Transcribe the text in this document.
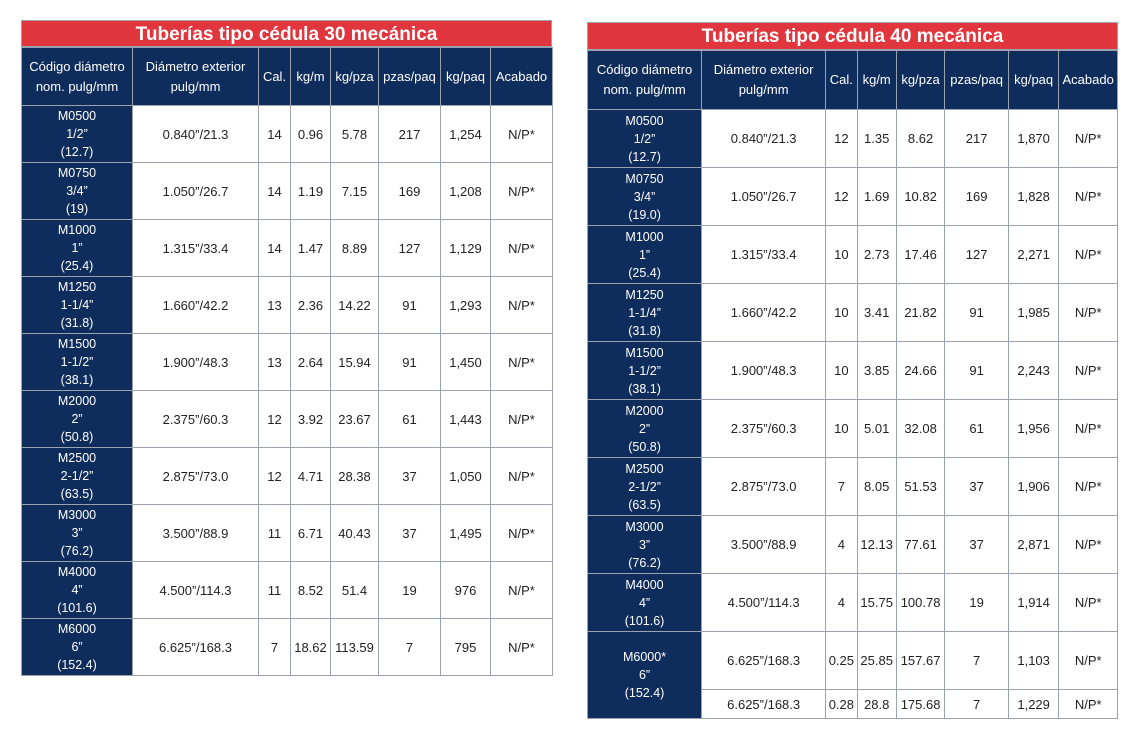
Tuberías tipo cédula 30 mecánica
Código diámetro
nom. pulg/mm	Diámetro exterior
pulg/mm	Cal.	kg/m	kg/pza	pzas/paq	kg/paq	Acabado
M0500
1/2”
(12.7)	0.840”/21.3	14	0.96	5.78	217	1,254	N/P*
M0750
3/4”
(19)	1.050”/26.7	14	1.19	7.15	169	1,208	N/P*
M1000
1”
(25.4)	1.315”/33.4	14	1.47	8.89	127	1,129	N/P*
M1250
1-1/4”
(31.8)	1.660”/42.2	13	2.36	14.22	91	1,293	N/P*
M1500
1-1/2”
(38.1)	1.900”/48.3	13	2.64	15.94	91	1,450	N/P*
M2000
2”
(50.8)	2.375”/60.3	12	3.92	23.67	61	1,443	N/P*
M2500
2-1/2”
(63.5)	2.875”/73.0	12	4.71	28.38	37	1,050	N/P*
M3000
3”
(76.2)	3.500”/88.9	11	6.71	40.43	37	1,495	N/P*
M4000
4”
(101.6)	4.500”/114.3	11	8.52	51.4	19	976	N/P*
M6000
6”
(152.4)	6.625”/168.3	7	18.62	113.59	7	795	N/P*
Tuberías tipo cédula 40 mecánica
Código diámetro
nom. pulg/mm	Diámetro exterior
pulg/mm	Cal.	kg/m	kg/pza	pzas/paq	kg/paq	Acabado
M0500
1/2”
(12.7)	0.840”/21.3	12	1.35	8.62	217	1,870	N/P*
M0750
3/4”
(19.0)	1.050”/26.7	12	1.69	10.82	169	1,828	N/P*
M1000
1”
(25.4)	1.315”/33.4	10	2.73	17.46	127	2,271	N/P*
M1250
1-1/4”
(31.8)	1.660”/42.2	10	3.41	21.82	91	1,985	N/P*
M1500
1-1/2”
(38.1)	1.900”/48.3	10	3.85	24.66	91	2,243	N/P*
M2000
2”
(50.8)	2.375”/60.3	10	5.01	32.08	61	1,956	N/P*
M2500
2-1/2”
(63.5)	2.875”/73.0	7	8.05	51.53	37	1,906	N/P*
M3000
3”
(76.2)	3.500”/88.9	4	12.13	77.61	37	2,871	N/P*
M4000
4”
(101.6)	4.500”/114.3	4	15.75	100.78	19	1,914	N/P*
M6000*
6”
(152.4)	6.625”/168.3	0.25	25.85	157.67	7	1,103	N/P*
	6.625”/168.3	0.28	28.8	175.68	7	1,229	N/P*
